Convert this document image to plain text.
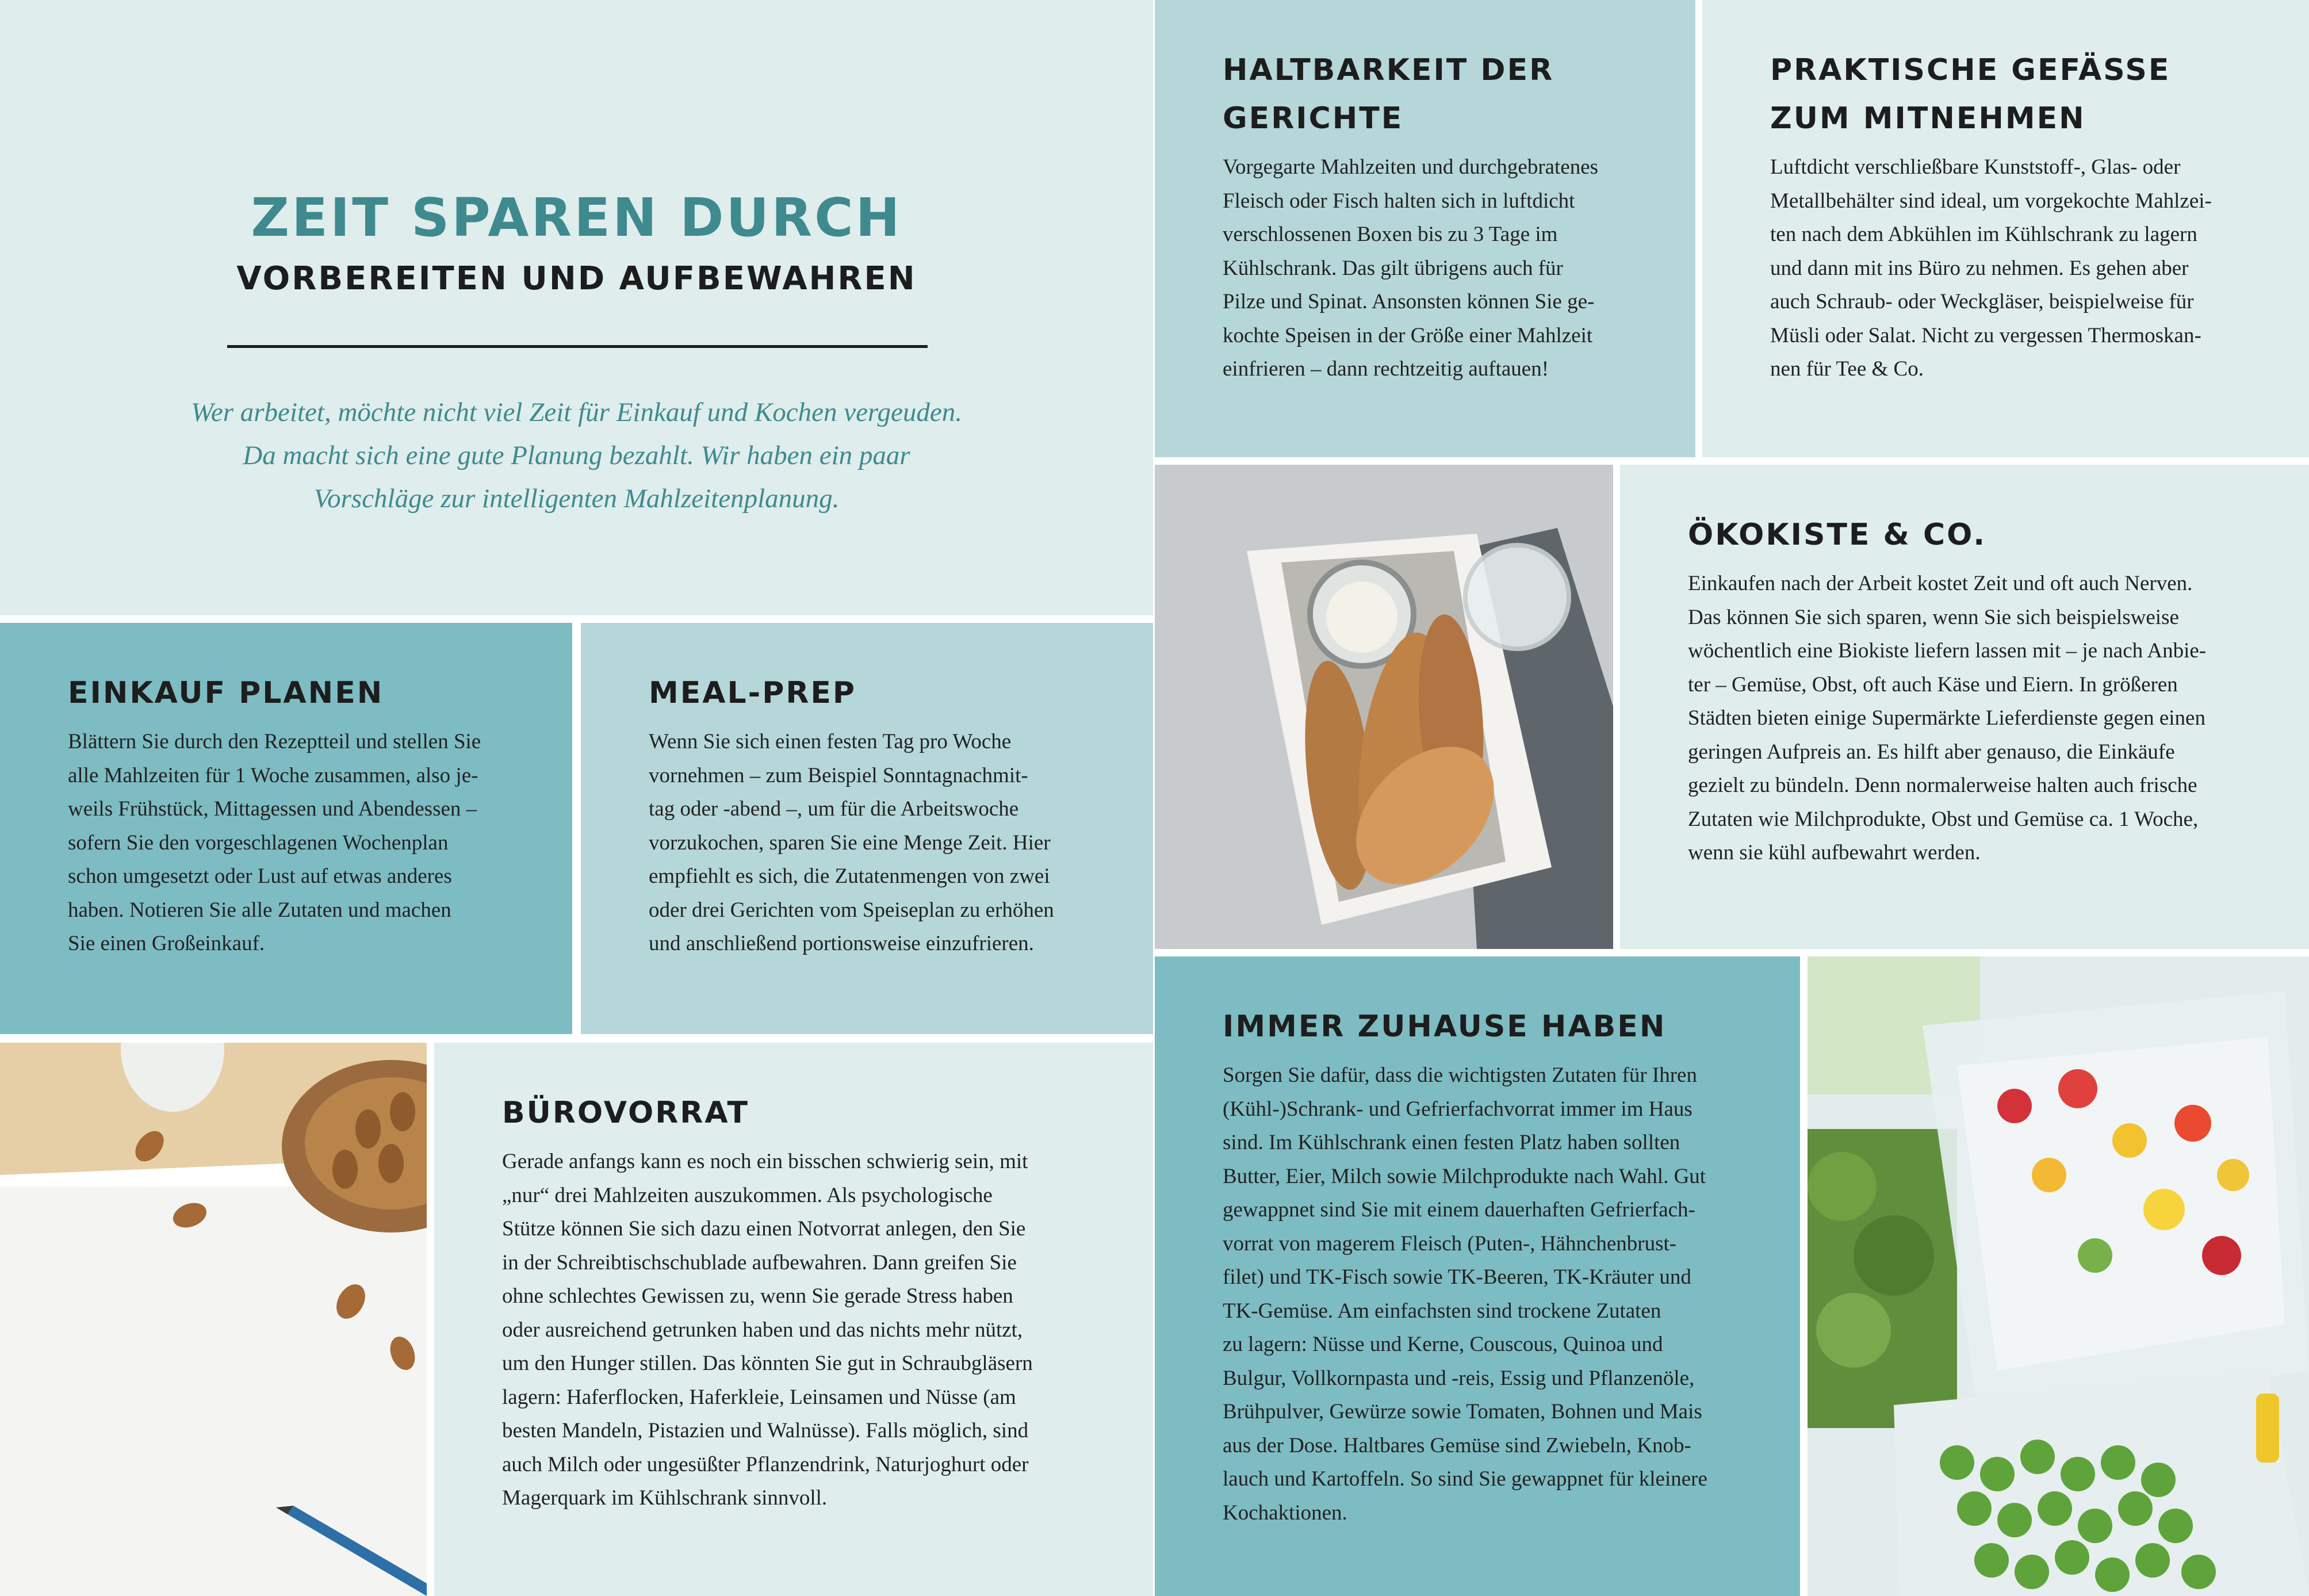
ZEIT SPAREN DURCH
VORBEREITEN UND AUFBEWAHREN

Wer arbeitet, möchte nicht viel Zeit für Einkauf und Kochen vergeuden.
Da macht sich eine gute Planung bezahlt. Wir haben ein paar
Vorschläge zur intelligenten Mahlzeitenplanung.

HALTBARKEIT DER
GERICHTE

Vorgegarte Mahlzeiten und durchgebratenes
Fleisch oder Fisch halten sich in luftdicht
verschlossenen Boxen bis zu 3 Tage im
Kühlschrank. Das gilt übrigens auch für
Pilze und Spinat. Ansonsten können Sie ge-
kochte Speisen in der Größe einer Mahlzeit
einfrieren – dann rechtzeitig auftauen!

PRAKTISCHE GEFÄSSE
ZUM MITNEHMEN

Luftdicht verschließbare Kunststoff-, Glas- oder
Metallbehälter sind ideal, um vorgekochte Mahlzei-
ten nach dem Abkühlen im Kühlschrank zu lagern
und dann mit ins Büro zu nehmen. Es gehen aber
auch Schraub- oder Weckgläser, beispielweise für
Müsli oder Salat. Nicht zu vergessen Thermoskan-
nen für Tee & Co.

ÖKOKISTE & CO.

Einkaufen nach der Arbeit kostet Zeit und oft auch Nerven.
Das können Sie sich sparen, wenn Sie sich beispielsweise
wöchentlich eine Biokiste liefern lassen mit – je nach Anbie-
ter – Gemüse, Obst, oft auch Käse und Eiern. In größeren
Städten bieten einige Supermärkte Lieferdienste gegen einen
geringen Aufpreis an. Es hilft aber genauso, die Einkäufe
gezielt zu bündeln. Denn normalerweise halten auch frische
Zutaten wie Milchprodukte, Obst und Gemüse ca. 1 Woche,
wenn sie kühl aufbewahrt werden.

EINKAUF PLANEN

Blättern Sie durch den Rezeptteil und stellen Sie
alle Mahlzeiten für 1 Woche zusammen, also je-
weils Frühstück, Mittagessen und Abendessen –
sofern Sie den vorgeschlagenen Wochenplan
schon umgesetzt oder Lust auf etwas anderes
haben. Notieren Sie alle Zutaten und machen
Sie einen Großeinkauf.

MEAL-PREP

Wenn Sie sich einen festen Tag pro Woche
vornehmen – zum Beispiel Sonntagnachmit-
tag oder -abend –, um für die Arbeitswoche
vorzukochen, sparen Sie eine Menge Zeit. Hier
empfiehlt es sich, die Zutatenmengen von zwei
oder drei Gerichten vom Speiseplan zu erhöhen
und anschließend portionsweise einzufrieren.

BÜROVORRAT

Gerade anfangs kann es noch ein bisschen schwierig sein, mit
„nur“ drei Mahlzeiten auszukommen. Als psychologische
Stütze können Sie sich dazu einen Notvorrat anlegen, den Sie
in der Schreibtischschublade aufbewahren. Dann greifen Sie
ohne schlechtes Gewissen zu, wenn Sie gerade Stress haben
oder ausreichend getrunken haben und das nichts mehr nützt,
um den Hunger stillen. Das könnten Sie gut in Schraubgläsern
lagern: Haferflocken, Haferkleie, Leinsamen und Nüsse (am
besten Mandeln, Pistazien und Walnüsse). Falls möglich, sind
auch Milch oder ungesüßter Pflanzendrink, Naturjoghurt oder
Magerquark im Kühlschrank sinnvoll.

IMMER ZUHAUSE HABEN

Sorgen Sie dafür, dass die wichtigsten Zutaten für Ihren
(Kühl-)Schrank- und Gefrierfachvorrat immer im Haus
sind. Im Kühlschrank einen festen Platz haben sollten
Butter, Eier, Milch sowie Milchprodukte nach Wahl. Gut
gewappnet sind Sie mit einem dauerhaften Gefrierfach-
vorrat von magerem Fleisch (Puten-, Hähnchenbrust-
filet) und TK-Fisch sowie TK-Beeren, TK-Kräuter und
TK-Gemüse. Am einfachsten sind trockene Zutaten
zu lagern: Nüsse und Kerne, Couscous, Quinoa und
Bulgur, Vollkornpasta und -reis, Essig und Pflanzenöle,
Brühpulver, Gewürze sowie Tomaten, Bohnen und Mais
aus der Dose. Haltbares Gemüse sind Zwiebeln, Knob-
lauch und Kartoffeln. So sind Sie gewappnet für kleinere
Kochaktionen.
